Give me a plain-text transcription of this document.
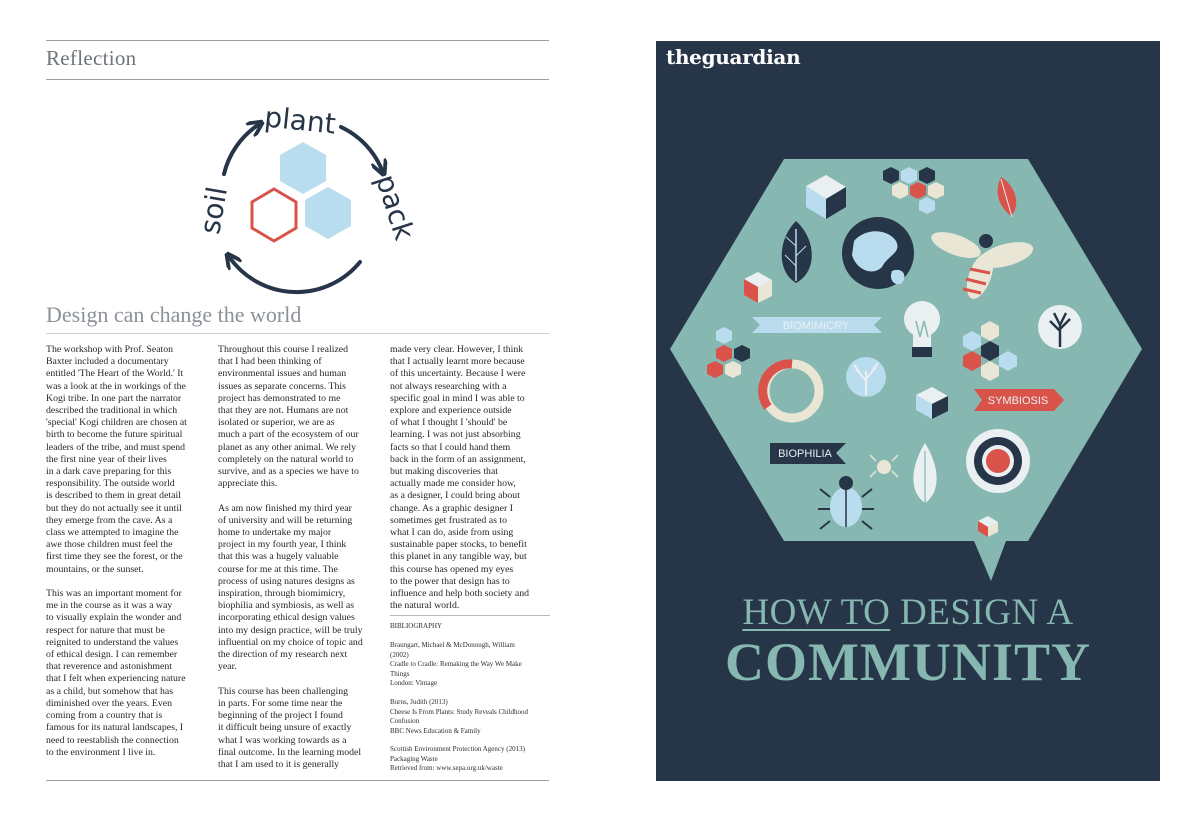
Reflection
plant
pack
soil
Design can change the world
The workshop with Prof. Seaton
Baxter included a documentary
entitled 'The Heart of the World.' It
was a look at the in workings of the
Kogi tribe. In one part the narrator
described the traditional in which
'special' Kogi children are chosen at
birth to become the future spiritual
leaders of the tribe, and must spend
the first nine year of their lives
in a dark cave preparing for this
responsibility. The outside world
is described to them in great detail
but they do not actually see it until
they emerge from the cave. As a
class we attempted to imagine the
awe those children must feel the
first time they see the forest, or the
mountains, or the sunset.

This was an important moment for
me in the course as it was a way
to visually explain the wonder and
respect for nature that must be
reignited to understand the values
of ethical design. I can remember
that reverence and astonishment
that I felt when experiencing nature
as a child, but somehow that has
diminished over the years. Even
coming from a country that is
famous for its natural landscapes, I
need to reestablish the connection
to the environment I live in.
Throughout this course I realized
that I had been thinking of
environmental issues and human
issues as separate concerns. This
project has demonstrated to me
that they are not. Humans are not
isolated or superior, we are as
much a part of the ecosystem of our
planet as any other animal. We rely
completely on the natural world to
survive, and as a species we have to
appreciate this.

As am now finished my third year
of university and will be returning
home to undertake my major
project in my fourth year, I think
that this was a hugely valuable
course for me at this time. The
process of using natures designs as
inspiration, through biomimicry,
biophilia and symbiosis, as well as
incorporating ethical design values
into my design practice, will be truly
influential on my choice of topic and
the direction of my research next
year.

This course has been challenging
in parts. For some time near the
beginning of the project I found
it difficult being unsure of exactly
what I was working towards as a
final outcome. In the learning model
that I am used to it is generally
made very clear. However, I think
that I actually learnt more because
of this uncertainty. Because I were
not always researching with a
specific goal in mind I was able to
explore and experience outside
of what I thought I 'should' be
learning. I was not just absorbing
facts so that I could hand them
back in the form of an assignment,
but making discoveries that
actually made me consider how,
as a designer, I could bring about
change. As a graphic designer I
sometimes get frustrated as to
what I can do, aside from using
sustainable paper stocks, to benefit
this planet in any tangible way, but
this course has opened my eyes
to the power that design has to
influence and help both society and
the natural world.
BIBLIOGRAPHY
Braungart, Michael & McDonough, William
(2002)
Cradle to Cradle: Remaking the Way We Make
Things
London: Vintage
Burns, Judith (2013)
Cheese Is From Plants: Study Reveals Childhood
Confusion
BBC News Education & Family
Scottish Environment Protection Agency (2013)
Packaging Waste
Retrieved from: www.sepa.org.uk/waste
BIOMIMICRY
SYMBIOSIS
BIOPHILIA
theguardian
HOW TO DESIGN A
COMMUNITY
